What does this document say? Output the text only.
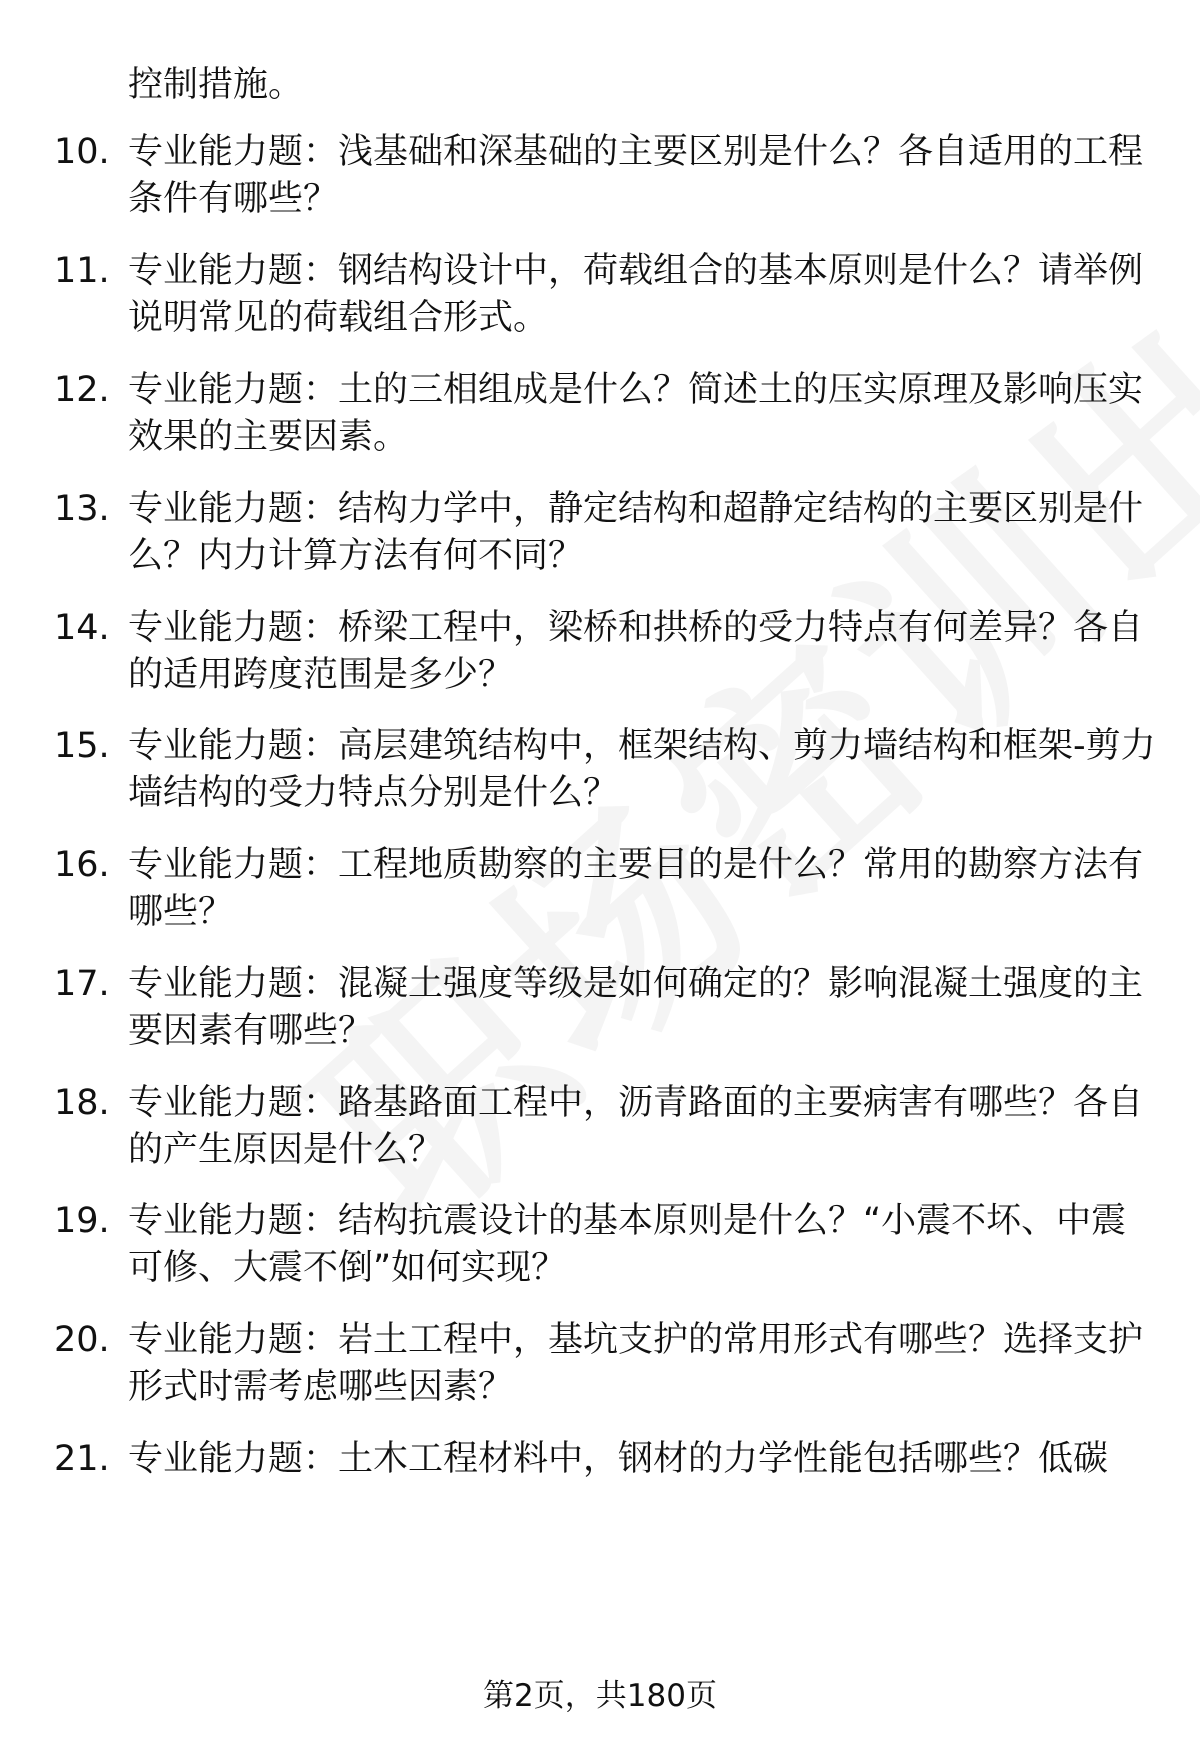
控制措施。
10. 专业能力题：浅基础和深基础的主要区别是什么？各自适用的工程条件有哪些？
11. 专业能力题：钢结构设计中，荷载组合的基本原则是什么？请举例说明常见的荷载组合形式。
12. 专业能力题：土的三相组成是什么？简述土的压实原理及影响压实效果的主要因素。
13. 专业能力题：结构力学中，静定结构和超静定结构的主要区别是什么？内力计算方法有何不同？
14. 专业能力题：桥梁工程中，梁桥和拱桥的受力特点有何差异？各自的适用跨度范围是多少？
15. 专业能力题：高层建筑结构中，框架结构、剪力墙结构和框架-剪力墙结构的受力特点分别是什么？
16. 专业能力题：工程地质勘察的主要目的是什么？常用的勘察方法有哪些？
17. 专业能力题：混凝土强度等级是如何确定的？影响混凝土强度的主要因素有哪些？
18. 专业能力题：路基路面工程中，沥青路面的主要病害有哪些？各自的产生原因是什么？
19. 专业能力题：结构抗震设计的基本原则是什么？“小震不坏、中震可修、大震不倒”如何实现？
20. 专业能力题：岩土工程中，基坑支护的常用形式有哪些？选择支护形式时需考虑哪些因素？
21. 专业能力题：土木工程材料中，钢材的力学性能包括哪些？低碳
第2页，共180页
